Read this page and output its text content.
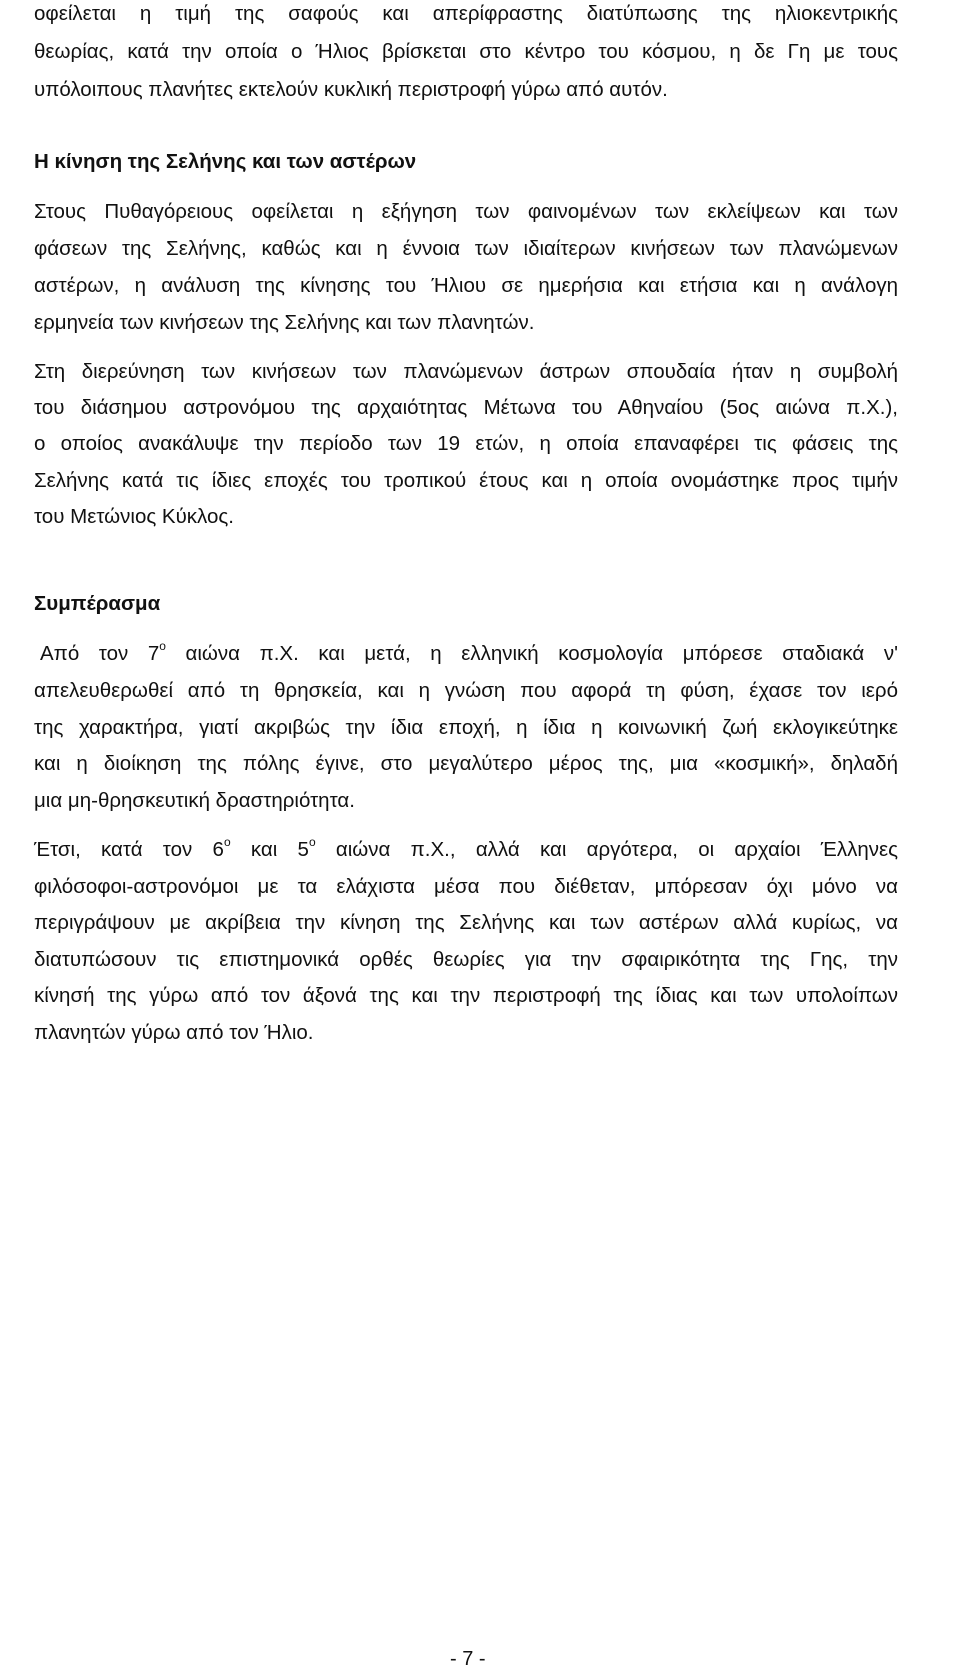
οφείλεται η τιμή της σαφούς και απερίφραστης διατύπωσης της ηλιοκεντρικής
θεωρίας, κατά την οποία ο Ήλιος βρίσκεται στο κέντρο του κόσμου, η δε Γη με τους
υπόλοιπους πλανήτες εκτελούν κυκλική περιστροφή γύρω από αυτόν.
Η κίνηση της Σελήνης και των αστέρων
Στους Πυθαγόρειους οφείλεται η εξήγηση των φαινομένων των εκλείψεων και των
φάσεων της Σελήνης, καθώς και η έννοια των ιδιαίτερων κινήσεων των πλανώμενων
αστέρων, η ανάλυση της κίνησης του Ήλιου σε ημερήσια και ετήσια και η ανάλογη
ερμηνεία των κινήσεων της Σελήνης και των πλανητών.
Στη διερεύνηση των κινήσεων των πλανώμενων άστρων σπουδαία ήταν η συμβολή
του διάσημου αστρονόμου της αρχαιότητας Μέτωνα του Αθηναίου (5ος αιώνα π.Χ.),
ο οποίος ανακάλυψε την περίοδο των 19 ετών, η οποία επαναφέρει τις φάσεις της
Σελήνης κατά τις ίδιες εποχές του τροπικού έτους και η οποία ονομάστηκε προς τιμήν
του Μετώνιος Κύκλος.
Συμπέρασμα
Από τον $7^o$ αιώνα π.Χ. και μετά, η ελληνική κοσμολογία μπόρεσε σταδιακά ν'
απελευθερωθεί από τη θρησκεία, και η γνώση που αφορά τη φύση, έχασε τον ιερό
της χαρακτήρα, γιατί ακριβώς την ίδια εποχή, η ίδια η κοινωνική ζωή εκλογικεύτηκε
και η διοίκηση της πόλης έγινε, στο μεγαλύτερο μέρος της, μια «κοσμική», δηλαδή
μια μη-θρησκευτική δραστηριότητα.
Έτσι, κατά τον $6^o$ και $5^o$ αιώνα π.Χ., αλλά και αργότερα, οι αρχαίοι Έλληνες
φιλόσοφοι-αστρονόμοι με τα ελάχιστα μέσα που διέθεταν, μπόρεσαν όχι μόνο να
περιγράψουν με ακρίβεια την κίνηση της Σελήνης και των αστέρων αλλά κυρίως, να
διατυπώσουν τις επιστημονικά ορθές θεωρίες για την σφαιρικότητα της Γης, την
κίνησή της γύρω από τον άξονά της και την περιστροφή της ίδιας και των υπολοίπων
πλανητών γύρω από τον Ήλιο.
- 7 -
